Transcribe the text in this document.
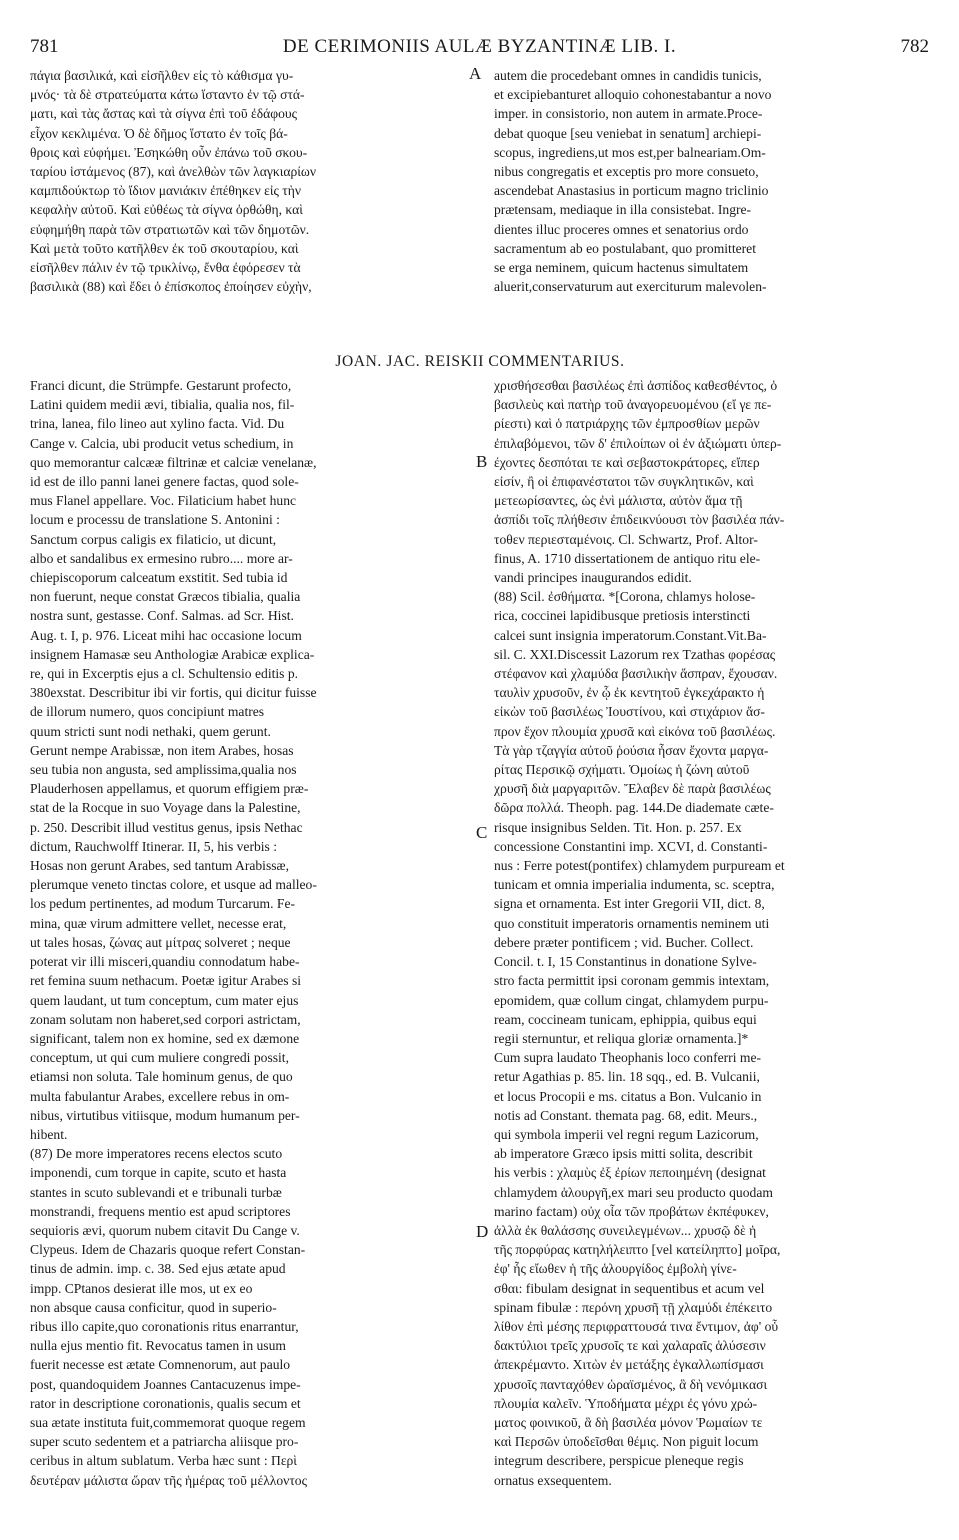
781	DE CERIMONIIS AULÆ BYZANTINÆ LIB. I.	782
πάγια βασιλικά, καὶ εἰσῆλθεν εἰς τὸ κάθισμα γυ-
μνός· τὰ δὲ στρατεύματα κάτω ἵσταντο ἐν τῷ στά-
ματι, καὶ τὰς ἄστας καὶ τὰ σίγνα ἐπὶ τοῦ ἐδάφους
εἶχον κεκλιμένα. Ὁ δὲ δῆμος ἵστατο ἐν τοῖς βά-
θροις καὶ εὐφήμει. Ἐσηκώθη οὖν ἐπάνω τοῦ σκου-
ταρίου ἱστάμενος (87), καὶ ἀνελθὼν τῶν λαγκιαρίων
καμπιδούκτωρ τὸ ἴδιον μανιάκιν ἐπέθηκεν εἰς τὴν
κεφαλὴν αὐτοῦ. Καὶ εὐθέως τὰ σίγνα ὀρθώθη, καὶ
εὐφημήθη παρὰ τῶν στρατιωτῶν καὶ τῶν δημοτῶν.
Καὶ μετὰ τοῦτο κατῆλθεν ἐκ τοῦ σκουταρίου, καὶ
εἰσῆλθεν πάλιν ἐν τῷ τρικλίνῳ, ἔνθα ἐφόρεσεν τὰ
βασιλικὰ (88) καὶ ἔδει ὁ ἐπίσκοπος ἐποίησεν εὐχὴν,
autem die procedebant omnes in candidis tunicis,
et excipiebanturet alloquio cohonestabantur a novo
imper. in consistorio, non autem in armate.Proce-
debat quoque [seu veniebat in senatum] archiepi-
scopus, ingrediens,ut mos est,per balneariam.Om-
nibus congregatis et exceptis pro more consueto,
ascendebat Anastasius in porticum magno triclinio
prætensam, mediaque in illa consistebat. Ingre-
dientes illuc proceres omnes et senatorius ordo
sacramentum ab eo postulabant, quo promitteret
se erga neminem, quicum hactenus simultatem
aluerit,conservaturum aut exerciturum malevolen-
JOAN. JAC. REISKII COMMENTARIUS.
Franci dicunt, die Strümpfe. Gestarunt profecto,
Latini quidem medii ævi, tibialia, qualia nos, fil-
trina, lanea, filo lineo aut xylino facta. Vid. Du
Cange v. Calcia, ubi producit vetus schedium, in
quo memorantur calcææ filtrinæ et calciæ venelanæ,
id est de illo panni lanei genere factas, quod sole-
mus Flanel appellare. Voc. Filaticium habet hunc
locum e processu de translatione S. Antonini :
Sanctum corpus caligis ex filaticio, ut dicunt,
albo et sandalibus ex ermesino rubro.... more ar-
chiepiscoporum calceatum exstitit. Sed tubia id
non fuerunt, neque constat Græcos tibialia, qualia
nostra sunt, gestasse. Conf. Salmas. ad Scr. Hist.
Aug. t. I, p. 976. Liceat mihi hac occasione locum
insignem Hamasæ seu Anthologiæ Arabicæ explica-
re, qui in Excerptis ejus a cl. Schultensio editis p.
380exstat. Describitur ibi vir fortis, qui dicitur fuisse
de illorum numero, quos concipiunt matres
quum stricti sunt nodi nethaki, quem gerunt.
Gerunt nempe Arabissæ, non item Arabes, hosas
seu tubia non angusta, sed amplissima,qualia nos
Plauderhosen appellamus, et quorum effigiem præ-
stat de la Rocque in suo Voyage dans la Palestine,
p. 250. Describit illud vestitus genus, ipsis Nethac
dictum, Rauchwolff Itinerar. II, 5, his verbis :
Hosas non gerunt Arabes, sed tantum Arabissæ,
plerumque veneto tinctas colore, et usque ad malleo-
los pedum pertinentes, ad modum Turcarum. Fe-
mina, quæ virum admittere vellet, necesse erat,
ut tales hosas, ζώνας aut μίτρας solveret ; neque
poterat vir illi misceri,quandiu connodatum habe-
ret femina suum nethacum. Poetæ igitur Arabes si
quem laudant, ut tum conceptum, cum mater ejus
zonam solutam non haberet,sed corpori astrictam,
significant, talem non ex homine, sed ex dæmone
conceptum, ut qui cum muliere congredi possit,
etiamsi non soluta. Tale hominum genus, de quo
multa fabulantur Arabes, excellere rebus in om-
nibus, virtutibus vitiisque, modum humanum per-
hibent.
(87) De more imperatores recens electos scuto
imponendi, cum torque in capite, scuto et hasta
stantes in scuto sublevandi et e tribunali turbæ
monstrandi, frequens mentio est apud scriptores
sequioris ævi, quorum nubem citavit Du Cange v.
Clypeus. Idem de Chazaris quoque refert Constan-
tinus de admin. imp. c. 38. Sed ejus ætate apud
impp. CPtanos desierat ille mos, ut ex eo
non absque causa conficitur, quod in superio-
ribus illo capite,quo coronationis ritus enarrantur,
nulla ejus mentio fit. Revocatus tamen in usum
fuerit necesse est ætate Comnenorum, aut paulo
post, quandoquidem Joannes Cantacuzenus impe-
rator in descriptione coronationis, qualis secum et
sua ætate instituta fuit,commemorat quoque regem
super scuto sedentem et a patriarcha aliisque pro-
ceribus in altum sublatum. Verba hæc sunt : Περὶ
δευτέραν μάλιστα ὥραν τῆς ἡμέρας τοῦ μέλλοντος
χρισθήσεσθαι βασιλέως ἐπὶ ἀσπίδος καθεσθέντος, ὁ
βασιλεὺς καὶ πατὴρ τοῦ ἀναγορευομένου (εἴ γε πε-
ρίεστι) καὶ ὁ πατριάρχης τῶν ἐμπροσθίων μερῶν
ἐπιλαβόμενοι, τῶν δ' ἐπιλοίπων οἱ ἐν ἀξιώματι ὑπερ-
έχοντες δεσπόται τε καὶ σεβαστοκράτορες, εἴπερ
εἰσίν, ἢ οἱ ἐπιφανέστατοι τῶν συγκλητικῶν, καὶ
μετεωρίσαντες, ὡς ἐνὶ μάλιστα, αὐτὸν ἅμα τῇ
ἀσπίδι τοῖς πλήθεσιν ἐπιδεικνύουσι τὸν βασιλέα πάν-
τοθεν περιεσταμένοις. Cl. Schwartz, Prof. Altor-
finus, A. 1710 dissertationem de antiquo ritu ele-
vandi principes inaugurandos edidit.
(88) Scil. ἐσθήματα. *[Corona, chlamys holose-
rica, coccinei lapidibusque pretiosis interstincti
calcei sunt insignia imperatorum.Constant.Vit.Ba-
sil. C. XXI.Discessit Lazorum rex Tzathas φορέσας
στέφανον καὶ χλαμύδα βασιλικὴν ἄσπραν, ἔχουσαν.
ταυλὶν χρυσοῦν, ἐν ᾧ ἐκ κεντητοῦ ἐγκεχάρακτο ἡ
εἰκὼν τοῦ βασιλέως Ἰουστίνου, καὶ στιχάριον ἄσ-
προν ἔχον πλουμία χρυσᾶ καὶ εἰκόνα τοῦ βασιλέως.
Τὰ γὰρ τζαγγία αὐτοῦ ῥούσια ἦσαν ἔχοντα μαργα-
ρίτας Περσικῷ σχήματι. Ὁμοίως ἡ ζώνη αὐτοῦ
χρυσῆ διὰ μαργαριτῶν. Ἔλαβεν δὲ παρὰ βασιλέως
δῶρα πολλά. Theoph. pag. 144.De diademate cæte-
risque insignibus Selden. Tit. Hon. p. 257. Ex
concessione Constantini imp. XCVI, d. Constanti-
nus : Ferre potest(pontifex) chlamydem purpuream et
tunicam et omnia imperialia indumenta, sc. sceptra,
signa et ornamenta. Est inter Gregorii VII, dict. 8,
quo constituit imperatoris ornamentis neminem uti
debere præter pontificem ; vid. Bucher. Collect.
Concil. t. I, 15 Constantinus in donatione Sylve-
stro facta permittit ipsi coronam gemmis intextam,
epomidem, quæ collum cingat, chlamydem purpu-
ream, coccineam tunicam, ephippia, quibus equi
regii sternuntur, et reliqua gloriæ ornamenta.]*
Cum supra laudato Theophanis loco conferri me-
retur Agathias p. 85. lin. 18 sqq., ed. B. Vulcanii,
et locus Procopii e ms. citatus a Bon. Vulcanio in
notis ad Constant. themata pag. 68, edit. Meurs.,
qui symbola imperii vel regni regum Lazicorum,
ab imperatore Græco ipsis mitti solita, describit
his verbis : χλαμὺς ἐξ ἐρίων πεποιημένη (designat
chlamydem ἁλουργῆ,ex mari seu producto quodam
marino factam) οὐχ οἷα τῶν προβάτων ἐκπέφυκεν,
ἀλλὰ ἐκ θαλάσσης συνειλεγμένων... χρυσῷ δὲ ἡ
τῆς πορφύρας κατηλήλειπτο [vel κατείληπτο] μοῖρα,
ἐφ' ἧς εἴωθεν ἡ τῆς ἁλουργίδος ἐμβολὴ γίνε-
σθαι: fibulam designat in sequentibus et acum vel
spinam fibulæ : περόνη χρυσῆ τῇ χλαμύδι ἐπέκειτο
λίθον ἐπὶ μέσης περιφραττουσά τινα ἔντιμον, ἀφ' οὗ
δακτύλιοι τρεῖς χρυσοῖς τε καὶ χαλαραῖς ἁλύσεσιν
ἀπεκρέμαντο. Χιτὼν ἐν μετάξης ἐγκαλλωπίσμασι
χρυσοῖς πανταχόθεν ὡραϊσμένος, ἃ δὴ νενόμικασι
πλουμία καλεῖν. Ὑποδήματα μέχρι ἐς γόνυ χρώ-
ματος φοινικοῦ, ἃ δὴ βασιλέα μόνον Ῥωμαίων τε
καὶ Περσῶν ὑποδεῖσθαι θέμις. Non piguit locum
integrum describere, perspicue pleneque regis
ornatus exsequentem.
A
B
C
D
